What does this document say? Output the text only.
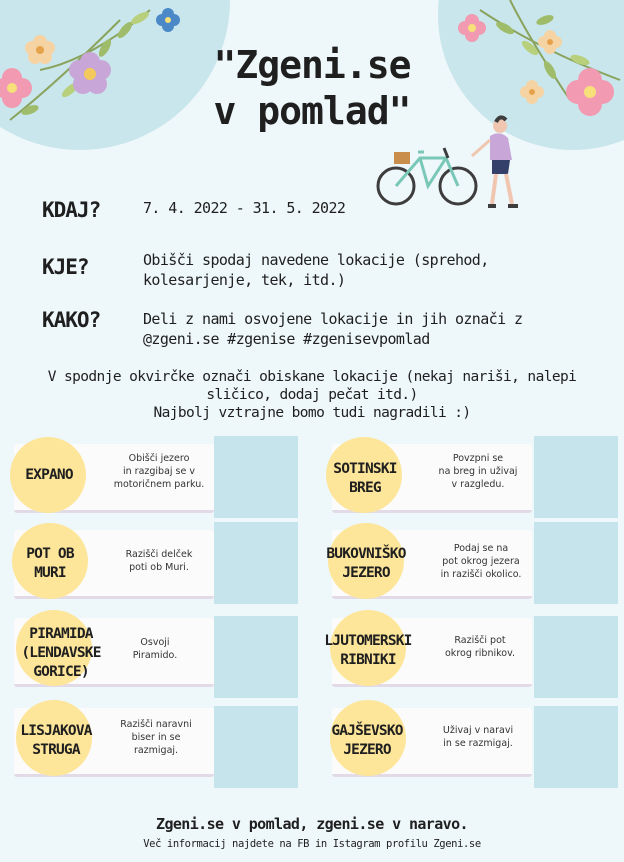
"Zgeni.se
v pomlad"
KDAJ?	7. 4. 2022 - 31. 5. 2022
KJE?	Obišči spodaj navedene lokacije (sprehod,
kolesarjenje, tek, itd.)
KAKO?	Deli z nami osvojene lokacije in jih označi z
@zgeni.se #zgenise #zgenisevpomlad
V spodnje okvirčke označi obiskane lokacije (nekaj nariši, nalepi
sličico, dodaj pečat itd.)
Najbolj vztrajne bomo tudi nagradili :)
EXPANO
Obišči jezero
in razgibaj se v
motoričnem parku.
POT OB
MURI
Razišči delček
poti ob Muri.
PIRAMIDA
(LENDAVSKE
GORICE)
Osvoji
Piramido.
LISJAKOVA
STRUGA
Razišči naravni
biser in se
razmigaj.
SOTINSKI
BREG
Povzpni se
na breg in uživaj
v razgledu.
BUKOVNIŠKO
JEZERO
Podaj se na
pot okrog jezera
in razišči okolico.
LJUTOMERSKI
RIBNIKI
Razišči pot
okrog ribnikov.
GAJŠEVSKO
JEZERO
Uživaj v naravi
in se razmigaj.
Zgeni.se v pomlad, zgeni.se v naravo.
Več informacij najdete na FB in Istagram profilu Zgeni.se
